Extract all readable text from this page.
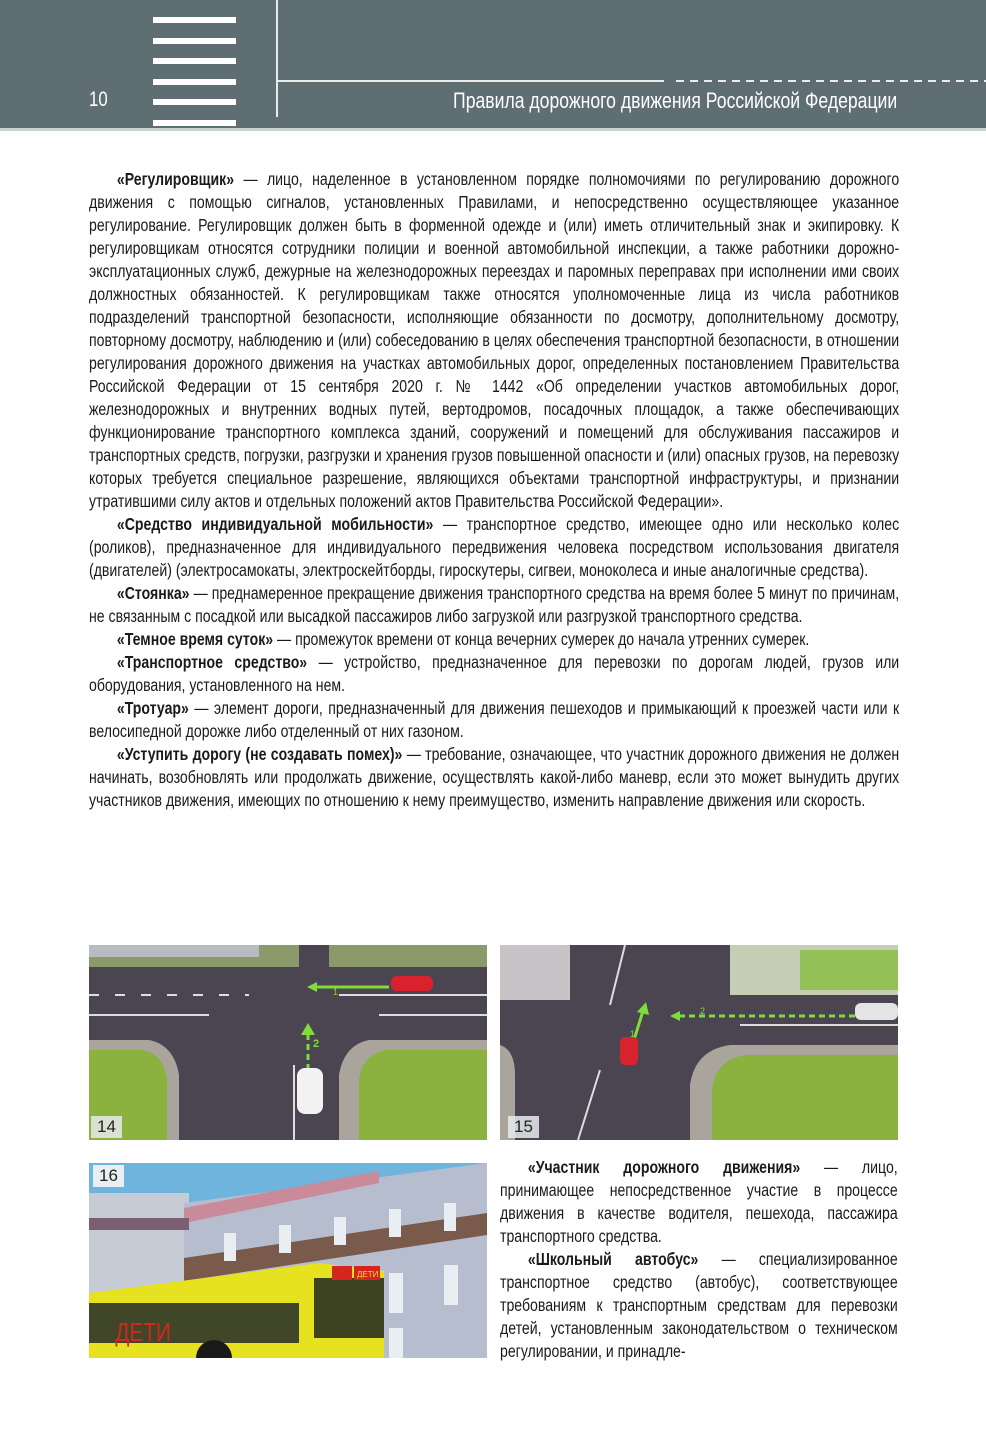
10	Правила дорожного движения Российской Федерации

«Регулировщик» — лицо, наделенное в установленном порядке полномочиями по регулированию дорожного движения с помощью сигналов, установленных Правилами, и непосредственно осуществляющее указанное регулирование. Регулировщик должен быть в форменной одежде и (или) иметь отличительный знак и экипировку. К регулировщикам относятся сотрудники полиции и военной автомобильной инспекции, а также работники дорожно-эксплуатационных служб, дежурные на железнодорожных переездах и паромных переправах при исполнении ими своих должностных обязанностей. К регулировщикам также относятся уполномоченные лица из числа работников подразделений транспортной безопасности, исполняющие обязанности по досмотру, дополнительному досмотру, повторному досмотру, наблюдению и (или) собеседованию в целях обеспечения транспортной безопасности, в отношении регулирования дорожного движения на участках автомобильных дорог, определенных постановлением Правительства Российской Федерации от 15 сентября 2020 г. № 1442 «Об определении участков автомобильных дорог, железнодорожных и внутренних водных путей, вертодромов, посадочных площадок, а также обеспечивающих функционирование транспортного комплекса зданий, сооружений и помещений для обслуживания пассажиров и транспортных средств, погрузки, разгрузки и хранения грузов повышенной опасности и (или) опасных грузов, на перевозку которых требуется специальное разрешение, являющихся объектами транспортной инфраструктуры, и признании утратившими силу актов и отдельных положений актов Правительства Российской Федерации».

«Средство индивидуальной мобильности» — транспортное средство, имеющее одно или несколько колес (роликов), предназначенное для индивидуального передвижения человека посредством использования двигателя (двигателей) (электросамокаты, электроскейтборды, гироскутеры, сигвеи, моноколеса и иные аналогичные средства).

«Стоянка» — преднамеренное прекращение движения транспортного средства на время более 5 минут по причинам, не связанным с посадкой или высадкой пассажиров либо загрузкой или разгрузкой транспортного средства.

«Темное время суток» — промежуток времени от конца вечерних сумерек до начала утренних сумерек.

«Транспортное средство» — устройство, предназначенное для перевозки по дорогам людей, грузов или оборудования, установленного на нем.

«Тротуар» — элемент дороги, предназначенный для движения пешеходов и примыкающий к проезжей части или к велосипедной дорожке либо отделенный от них газоном.

«Уступить дорогу (не создавать помех)» — требование, означающее, что участник дорожного движения не должен начинать, возобновлять или продолжать движение, осуществлять какой-либо маневр, если это может вынудить других участников движения, имеющих по отношению к нему преимущество, изменить направление движения или скорость.

1
2
14
1
2
15
ДЕТИ
ДЕТИ
16	«Участник дорожного движения» — лицо, принимающее непосредственное участие в процессе движения в качестве водителя, пешехода, пассажира транспортного средства.

«Школьный автобус» — специализированное транспортное средство (автобус), соответствующее требованиям к транспортным средствам для перевозки детей, установленным законодательством о техническом регулировании, и принадле-
